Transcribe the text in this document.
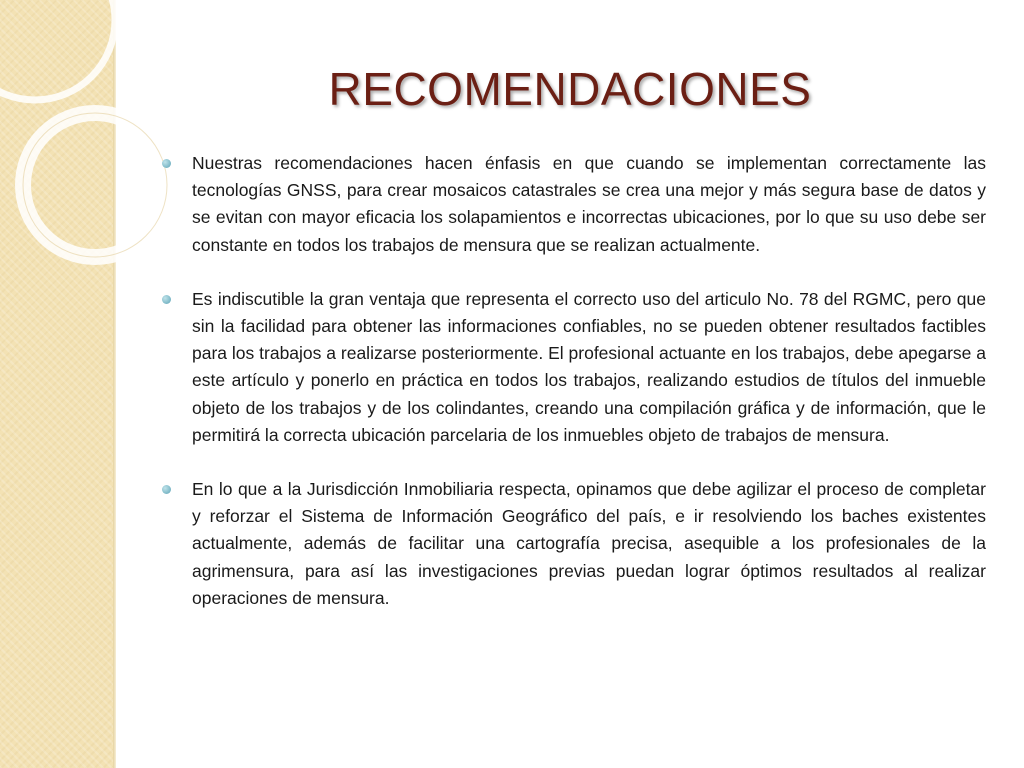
RECOMENDACIONES
Nuestras recomendaciones hacen énfasis en que cuando se implementan correctamente las tecnologías GNSS, para crear mosaicos catastrales se crea una mejor y más segura base de datos y se evitan con mayor eficacia los solapamientos e incorrectas ubicaciones, por lo que su uso debe ser constante en todos los trabajos de mensura que se realizan actualmente.
Es indiscutible la gran ventaja que representa el correcto uso del articulo No. 78 del RGMC, pero que sin la facilidad para obtener las informaciones confiables, no se pueden obtener resultados factibles para los trabajos a realizarse posteriormente. El profesional actuante en los trabajos, debe apegarse a este artículo y ponerlo en práctica en todos los trabajos, realizando estudios de títulos del inmueble objeto de los trabajos y de los colindantes, creando una compilación gráfica y de información, que le permitirá la correcta ubicación parcelaria de los inmuebles objeto de trabajos de mensura.
En lo que a la Jurisdicción Inmobiliaria respecta, opinamos que debe agilizar el proceso de completar y reforzar el Sistema de Información Geográfico del país, e ir resolviendo los baches existentes actualmente, además de facilitar una cartografía precisa, asequible a los profesionales de la agrimensura, para así las investigaciones previas puedan lograr óptimos resultados al realizar operaciones de mensura.
